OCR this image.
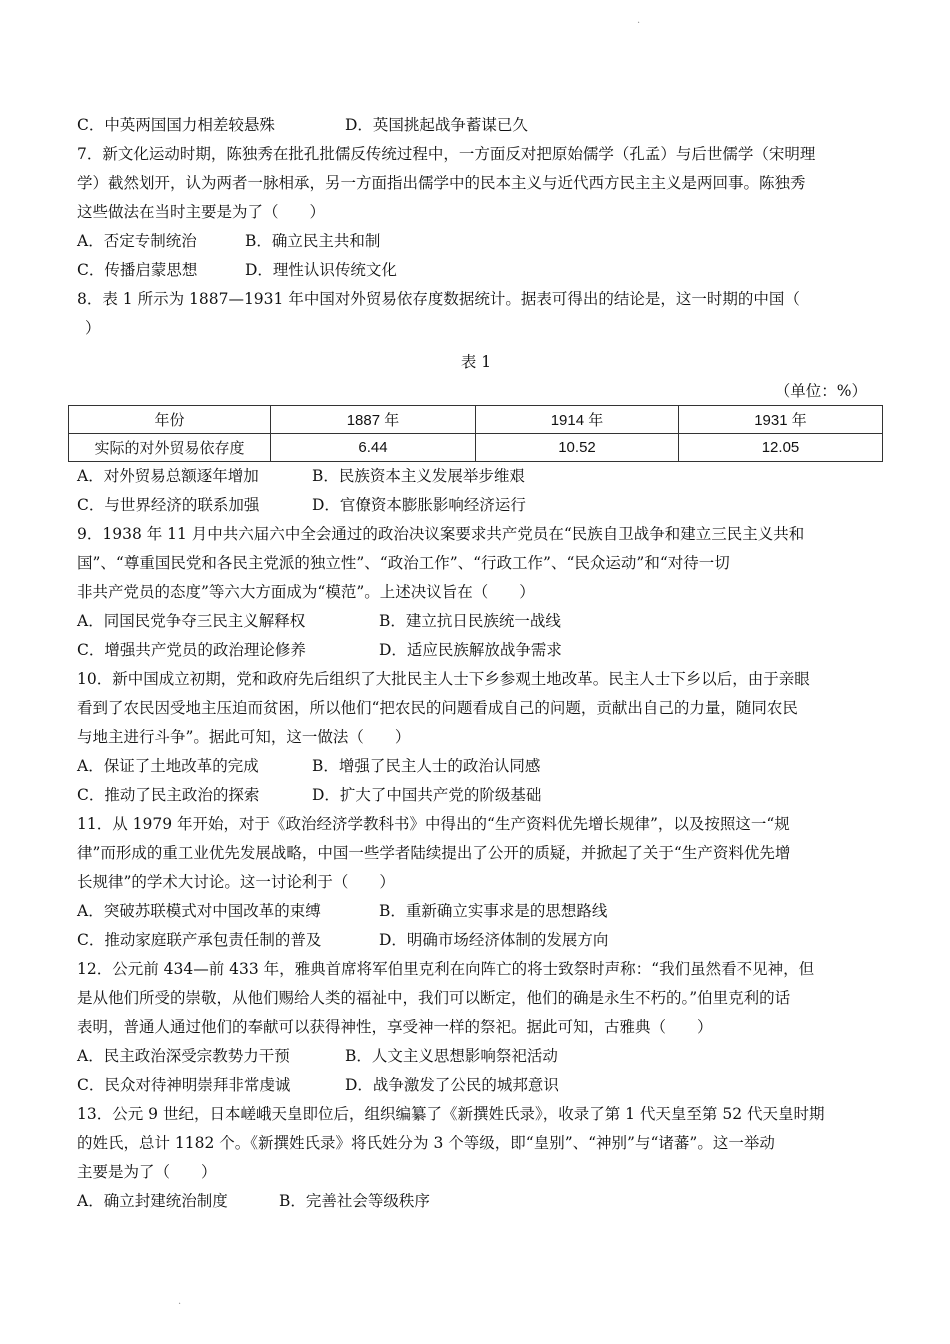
·
C．中英两国国力相差较悬殊	D．英国挑起战争蓄谋已久
7．新文化运动时期，陈独秀在批孔批儒反传统过程中，一方面反对把原始儒学（孔孟）与后世儒学（宋明理
学）截然划开，认为两者一脉相承，另一方面指出儒学中的民本主义与近代西方民主主义是两回事。陈独秀
这些做法在当时主要是为了（　　）
A．否定专制统治	B．确立民主共和制
C．传播启蒙思想	D．理性认识传统文化
8．表 1 所示为 1887—1931 年中国对外贸易依存度数据统计。据表可得出的结论是，这一时期的中国（
）
表 1
（单位：%）
年份	1887 年	1914 年	1931 年
实际的对外贸易依存度	6.44	10.52	12.05
A．对外贸易总额逐年增加	B．民族资本主义发展举步维艰
C．与世界经济的联系加强	D．官僚资本膨胀影响经济运行
9．1938 年 11 月中共六届六中全会通过的政治决议案要求共产党员在“民族自卫战争和建立三民主义共和
国”、“尊重国民党和各民主党派的独立性”、“政治工作”、“行政工作”、“民众运动”和“对待一切
非共产党员的态度”等六大方面成为“模范”。上述决议旨在（　　）
A．同国民党争夺三民主义解释权	B．建立抗日民族统一战线
C．增强共产党员的政治理论修养	D．适应民族解放战争需求
10．新中国成立初期，党和政府先后组织了大批民主人士下乡参观土地改革。民主人士下乡以后，由于亲眼
看到了农民因受地主压迫而贫困，所以他们“把农民的问题看成自己的问题，贡献出自己的力量，随同农民
与地主进行斗争”。据此可知，这一做法（　　）
A．保证了土地改革的完成	B．增强了民主人士的政治认同感
C．推动了民主政治的探索	D．扩大了中国共产党的阶级基础
11．从 1979 年开始，对于《政治经济学教科书》中得出的“生产资料优先增长规律”，以及按照这一“规
律”而形成的重工业优先发展战略，中国一些学者陆续提出了公开的质疑，并掀起了关于“生产资料优先增
长规律”的学术大讨论。这一讨论利于（　　）
A．突破苏联模式对中国改革的束缚	B．重新确立实事求是的思想路线
C．推动家庭联产承包责任制的普及	D．明确市场经济体制的发展方向
12．公元前 434—前 433 年，雅典首席将军伯里克利在向阵亡的将士致祭时声称：“我们虽然看不见神，但
是从他们所受的崇敬，从他们赐给人类的福祉中，我们可以断定，他们的确是永生不朽的。”伯里克利的话
表明，普通人通过他们的奉献可以获得神性，享受神一样的祭祀。据此可知，古雅典（　　）
A．民主政治深受宗教势力干预	B．人文主义思想影响祭祀活动
C．民众对待神明崇拜非常虔诚	D．战争激发了公民的城邦意识
13．公元 9 世纪，日本嵯峨天皇即位后，组织编纂了《新撰姓氏录》，收录了第 1 代天皇至第 52 代天皇时期
的姓氏，总计 1182 个。《新撰姓氏录》将氏姓分为 3 个等级，即“皇别”、“神别”与“诸蕃”。这一举动
主要是为了（　　）
A．确立封建统治制度	B．完善社会等级秩序
·
